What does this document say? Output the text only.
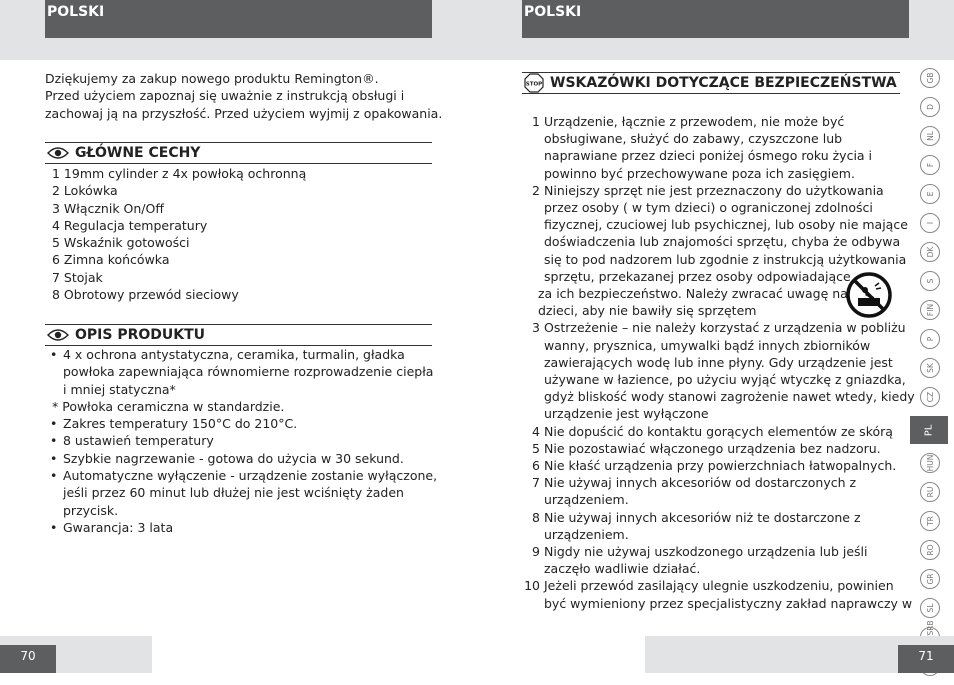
POLSKI	POLSKI
Dziękujemy za zakup nowego produktu Remington®.
Przed użyciem zapoznaj się uważnie z instrukcją obsługi i
zachowaj ją na przyszłość. Przed użyciem wyjmij z opakowania.
GŁÓWNE CECHY
1 19mm cylinder z 4x powłoką ochronną
2 Lokówka
3 Włącznik On/Off
4 Regulacja temperatury
5 Wskaźnik gotowości
6 Zimna końcówka
7 Stojak
8 Obrotowy przewód sieciowy
OPIS PRODUKTU
• 4 x ochrona antystatyczna, ceramika, turmalin, gładka
powłoka zapewniająca równomierne rozprowadzenie ciepła
i mniej statyczna*
* Powłoka ceramiczna w standardzie.
• Zakres temperatury 150°C do 210°C.
• 8 ustawień temperatury
• Szybkie nagrzewanie - gotowa do użycia w 30 sekund.
• Automatyczne wyłączenie - urządzenie zostanie wyłączone,
jeśli przez 60 minut lub dłużej nie jest wciśnięty żaden
przycisk.
• Gwarancja: 3 lata
STOP WSKAZÓWKI DOTYCZĄCE BEZPIECZEŃSTWA
1 Urządzenie, łącznie z przewodem, nie może być
obsługiwane, służyć do zabawy, czyszczone lub
naprawiane przez dzieci poniżej ósmego roku życia i
powinno być przechowywane poza ich zasięgiem.
2 Niniejszy sprzęt nie jest przeznaczony do użytkowania
przez osoby ( w tym dzieci) o ograniczonej zdolności
fizycznej, czuciowej lub psychicznej, lub osoby nie mające
doświadczenia lub znajomości sprzętu, chyba że odbywa
się to pod nadzorem lub zgodnie z instrukcją użytkowania
sprzętu, przekazanej przez osoby odpowiadające
za ich bezpieczeństwo. Należy zwracać uwagę na
dzieci, aby nie bawiły się sprzętem
3 Ostrzeżenie – nie należy korzystać z urządzenia w pobliżu
wanny, prysznica, umywalki bądź innych zbiorników
zawierających wodę lub inne płyny. Gdy urządzenie jest
używane w łazience, po użyciu wyjąć wtyczkę z gniazdka,
gdyż bliskość wody stanowi zagrożenie nawet wtedy, kiedy
urządzenie jest wyłączone
4 Nie dopuścić do kontaktu gorących elementów ze skórą
5 Nie pozostawiać włączonego urządzenia bez nadzoru.
6 Nie kłaść urządzenia przy powierzchniach łatwopalnych.
7 Nie używaj innych akcesoriów od dostarczonych z
urządzeniem.
8 Nie używaj innych akcesoriów niż te dostarczone z
urządzeniem.
9 Nigdy nie używaj uszkodzonego urządzenia lub jeśli
zaczęło wadliwie działać.
10 Jeżeli przewód zasilający ulegnie uszkodzeniu, powinien
być wymieniony przez specjalistyczny zakład naprawczy w
GB
D
NL
F
E
I
DK
S
FIN
P
SK
CZ
PL
HUN
RU
TR
RO
GR
SL
70	71
